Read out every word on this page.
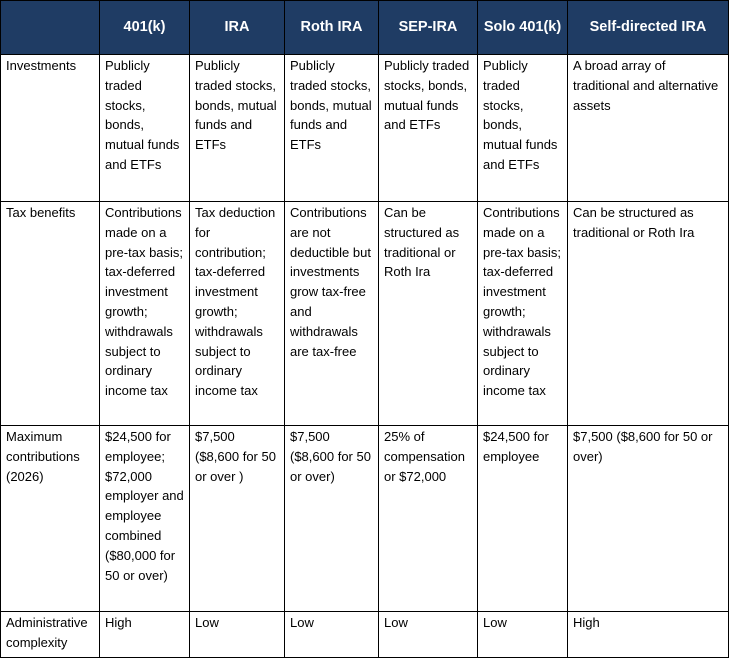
	401(k)	IRA	Roth IRA	SEP-IRA	Solo 401(k)	Self-directed IRA
Investments	Publicly traded stocks, bonds, mutual funds and ETFs	Publicly traded stocks, bonds, mutual funds and ETFs	Publicly traded stocks, bonds, mutual funds and ETFs	Publicly traded stocks, bonds, mutual funds and ETFs	Publicly traded stocks, bonds, mutual funds and ETFs	A broad array of traditional and alternative assets
Tax benefits	Contributions made on a pre-tax basis; tax-deferred investment growth; withdrawals subject to ordinary income tax	Tax deduction for contribution; tax-deferred investment growth; withdrawals subject to ordinary income tax	Contributions are not deductible but investments grow tax-free and withdrawals are tax-free	Can be structured as traditional or Roth Ira	Contributions made on a pre-tax basis; tax-deferred investment growth; withdrawals subject to ordinary income tax	Can be structured as traditional or Roth Ira
Maximum contributions (2026)	$24,500 for employee; $72,000 employer and employee combined ($80,000 for 50 or over)	$7,500 ($8,600 for 50 or over )	$7,500 ($8,600 for 50 or over)	25% of compensation or $72,000	$24,500 for employee	$7,500 ($8,600 for 50 or over)
Administrative complexity	High	Low	Low	Low	Low	High
